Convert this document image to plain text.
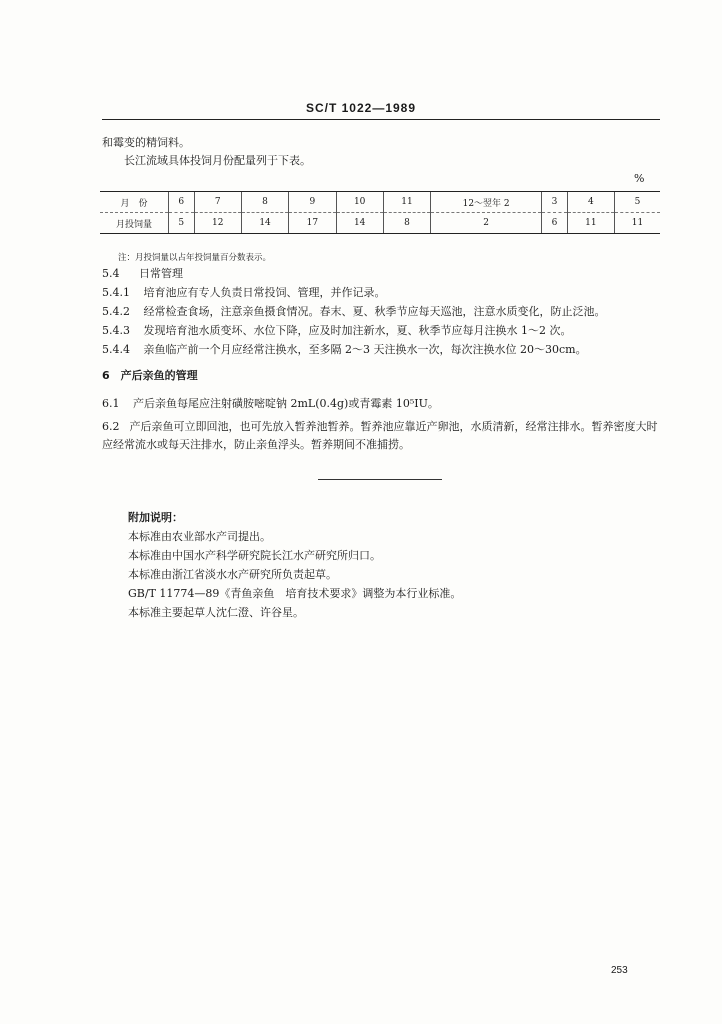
SC/T 1022—1989
和霉变的精饲料。
长江流域具体投饲月份配量列于下表。
%
月　份	6	7	8	9	10	11	12～翌年 2	3	4	5
月投饲量	5	12	14	17	14	8	2	6	11	11
注：月投饲量以占年投饲量百分数表示。
5.4 日常管理
5.4.1 培育池应有专人负责日常投饲、管理，并作记录。
5.4.2 经常检查食场，注意亲鱼摄食情况。春末、夏、秋季节应每天巡池，注意水质变化，防止泛池。
5.4.3 发现培育池水质变坏、水位下降，应及时加注新水，夏、秋季节应每月注换水 1～2 次。
5.4.4 亲鱼临产前一个月应经常注换水，至多隔 2～3 天注换水一次，每次注换水位 20～30cm。
6　产后亲鱼的管理
6.1 产后亲鱼每尾应注射磺胺嘧啶钠 2mL(0.4g)或青霉素 10⁵IU。
6.2 产后亲鱼可立即回池，也可先放入暂养池暂养。暂养池应靠近产卵池，水质清新，经常注排水。暂养密度大时应经常流水或每天注排水，防止亲鱼浮头。暂养期间不准捕捞。
附加说明：
本标准由农业部水产司提出。
本标准由中国水产科学研究院长江水产研究所归口。
本标准由浙江省淡水水产研究所负责起草。
GB/T 11774—89《青鱼亲鱼　培育技术要求》调整为本行业标准。
本标准主要起草人沈仁澄、许谷星。
253
